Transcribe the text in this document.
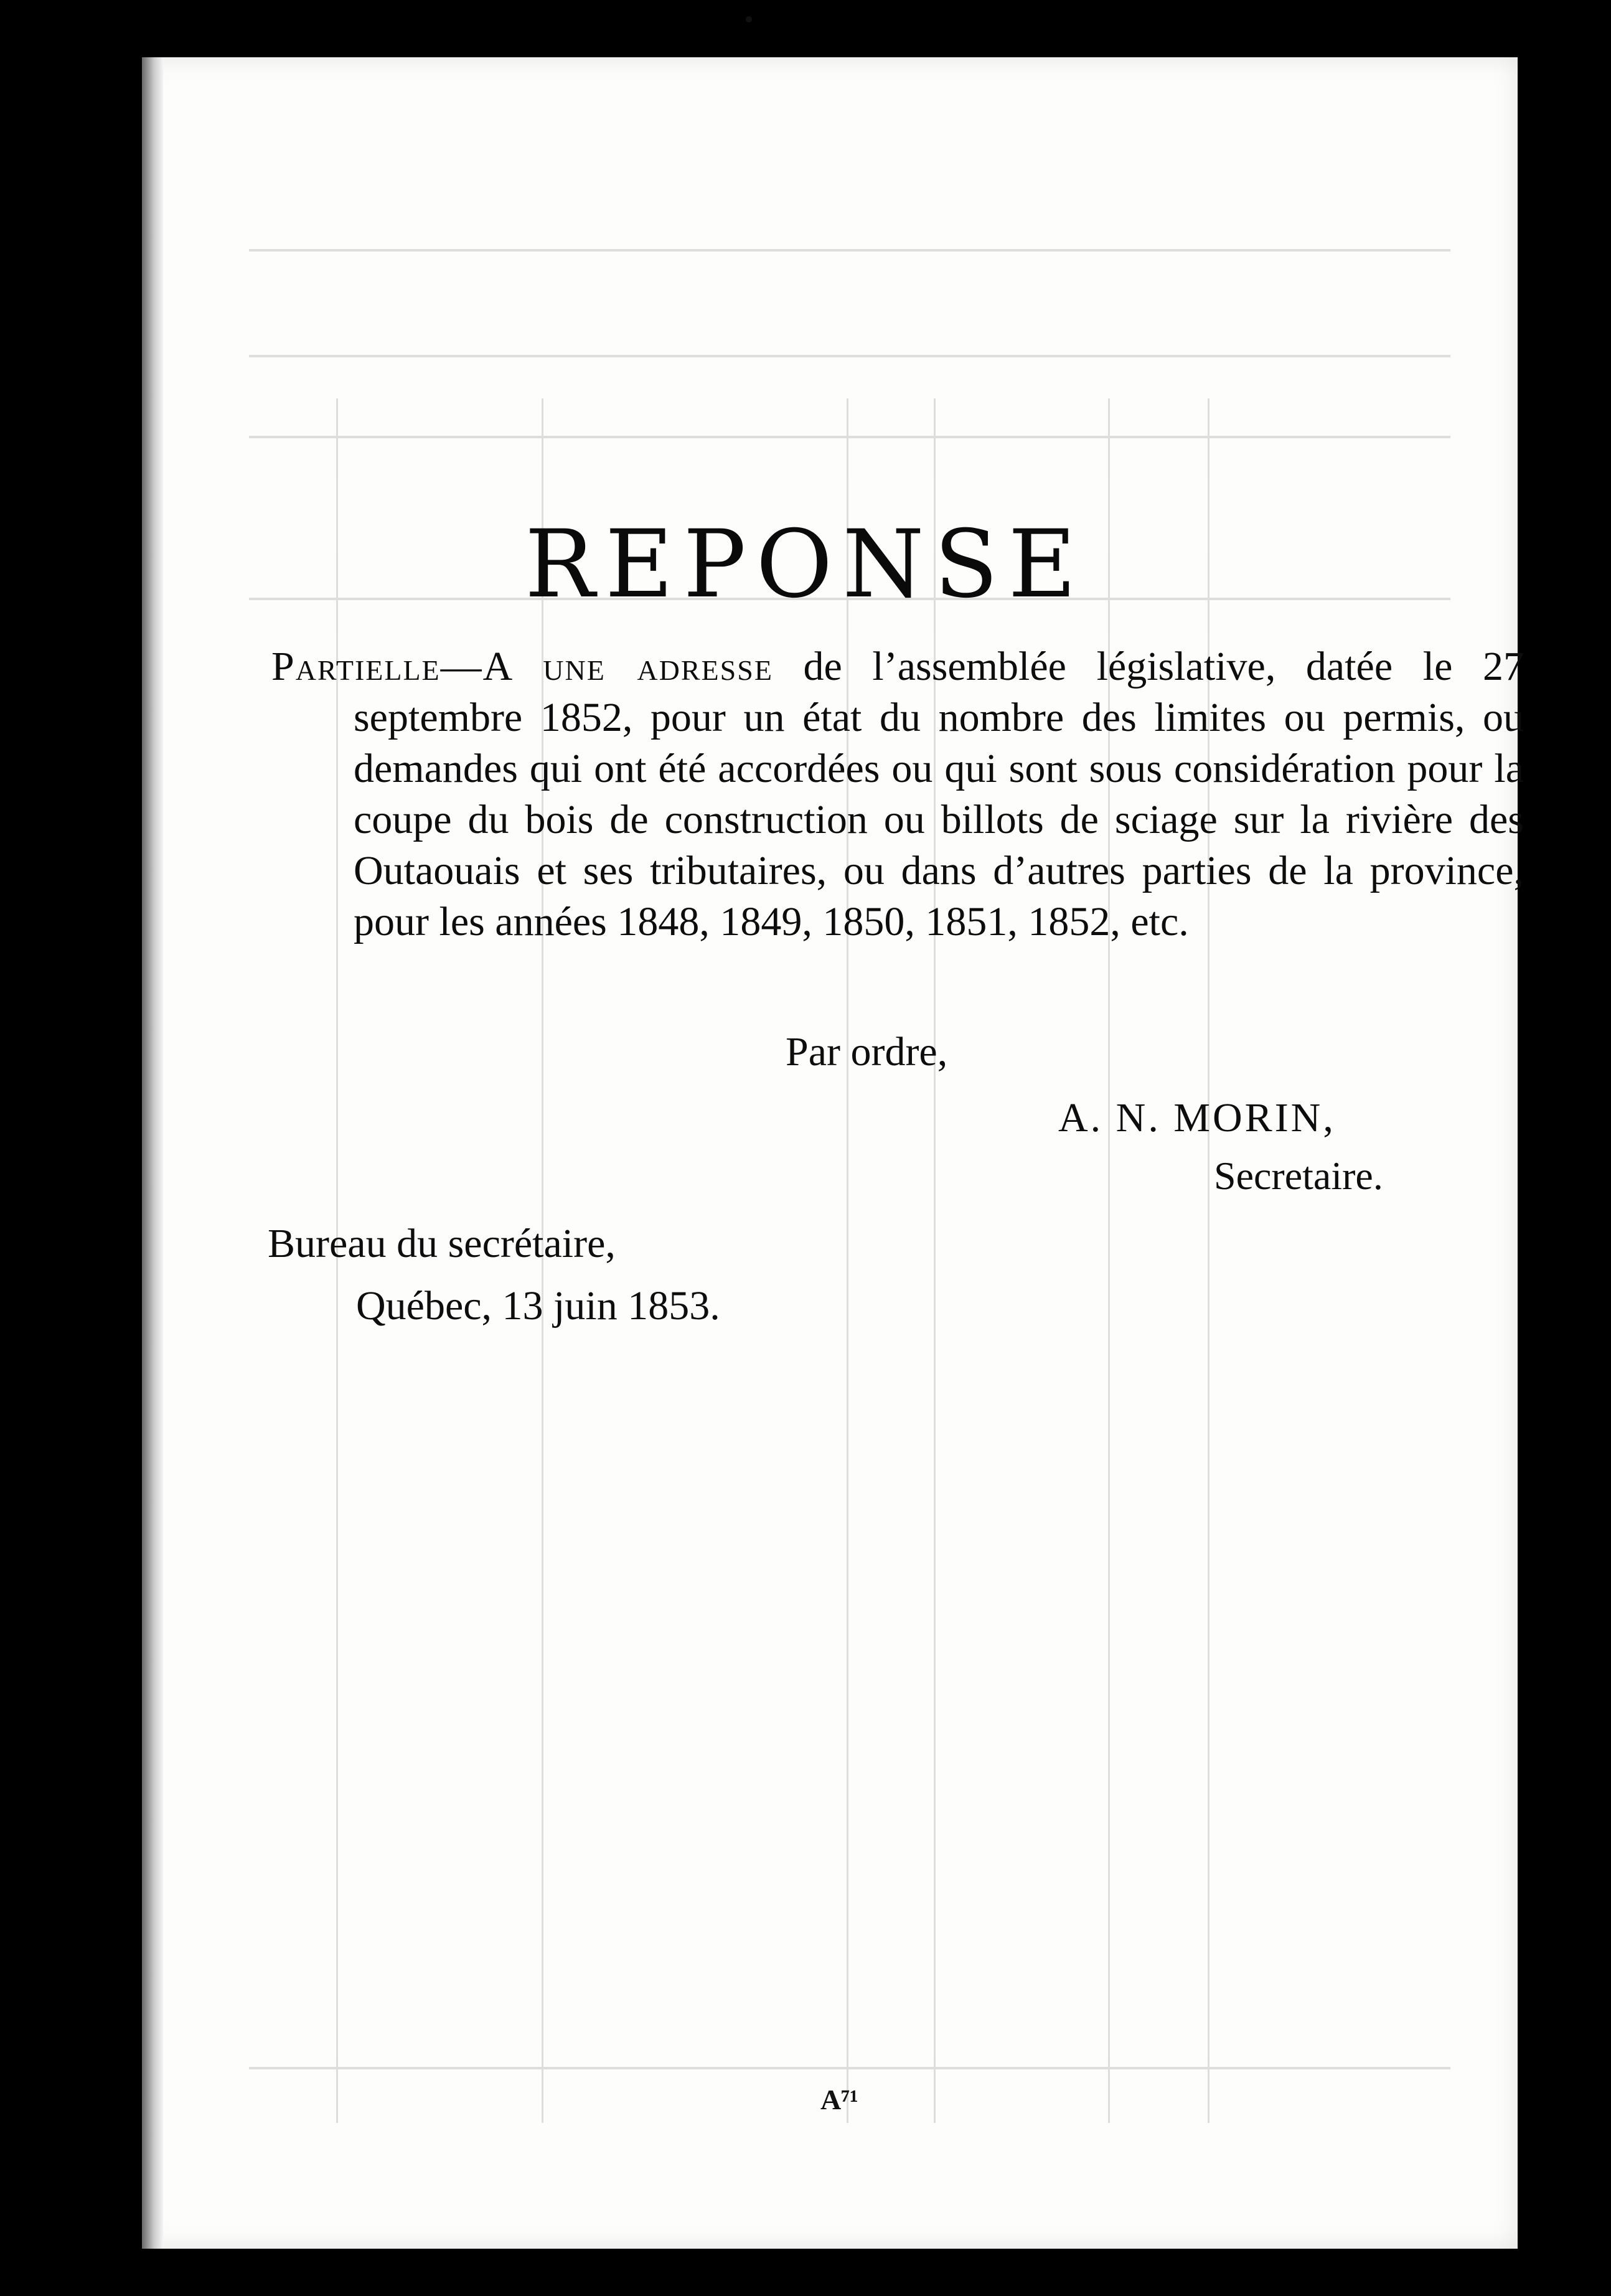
REPONSE
Partielle—A une adresse de l’assemblée législative, datée le 27 septembre 1852, pour un état du nombre des limites ou permis, ou demandes qui ont été accordées ou qui sont sous considération pour la coupe du bois de construction ou billots de sciage sur la rivière des Outaouais et ses tributaires, ou dans d’autres parties de la province, pour les années 1848, 1849, 1850, 1851, 1852, etc.
Par ordre,
A. N. MORIN,
Secretaire.
Bureau du secrétaire,
Québec, 13 juin 1853.
A⁷¹
